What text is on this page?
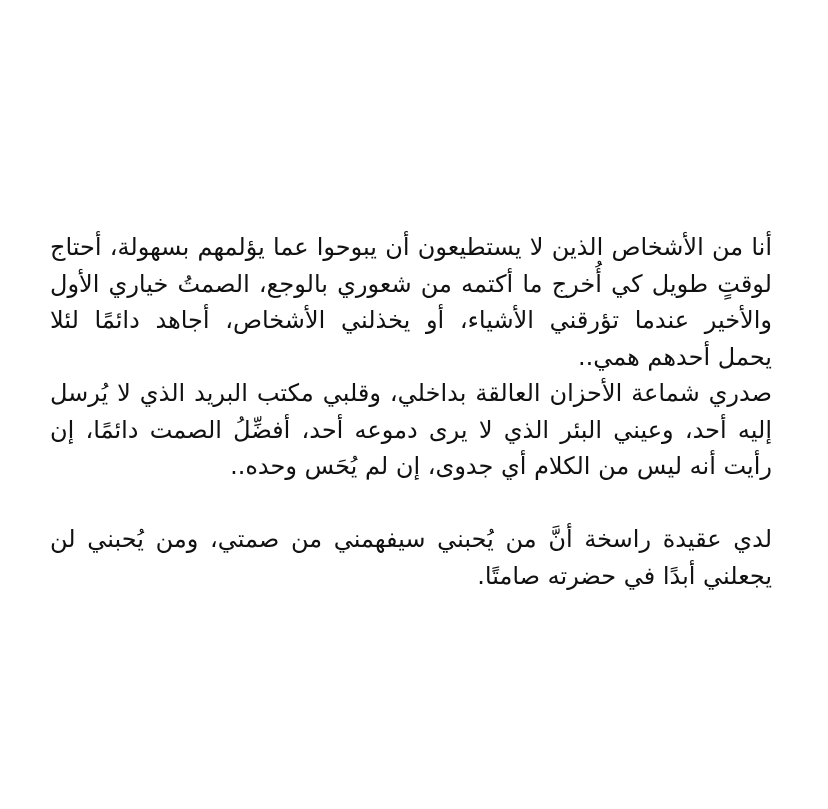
أنا من الأشخاص الذين لا يستطيعون أن يبوحوا عما يؤلمهم بسهولة، أحتاج
لوقتٍ طويل كي أُخرج ما أكتمه من شعوري بالوجع، الصمتُ خياري الأول
والأخير عندما تؤرقني الأشياء، أو يخذلني الأشخاص، أجاهد دائمًا لئلا
يحمل أحدهم همي..
صدري شماعة الأحزان العالقة بداخلي، وقلبي مكتب البريد الذي لا يُرسل
إليه أحد، وعيني البئر الذي لا يرى دموعه أحد، أفضِّلُ الصمت دائمًا، إن
رأيت أنه ليس من الكلام أي جدوى، إن لم يُحَس وحده..
لدي عقيدة راسخة أنَّ من يُحبني سيفهمني من صمتي، ومن يُحبني لن
يجعلني أبدًا في حضرته صامتًا.
